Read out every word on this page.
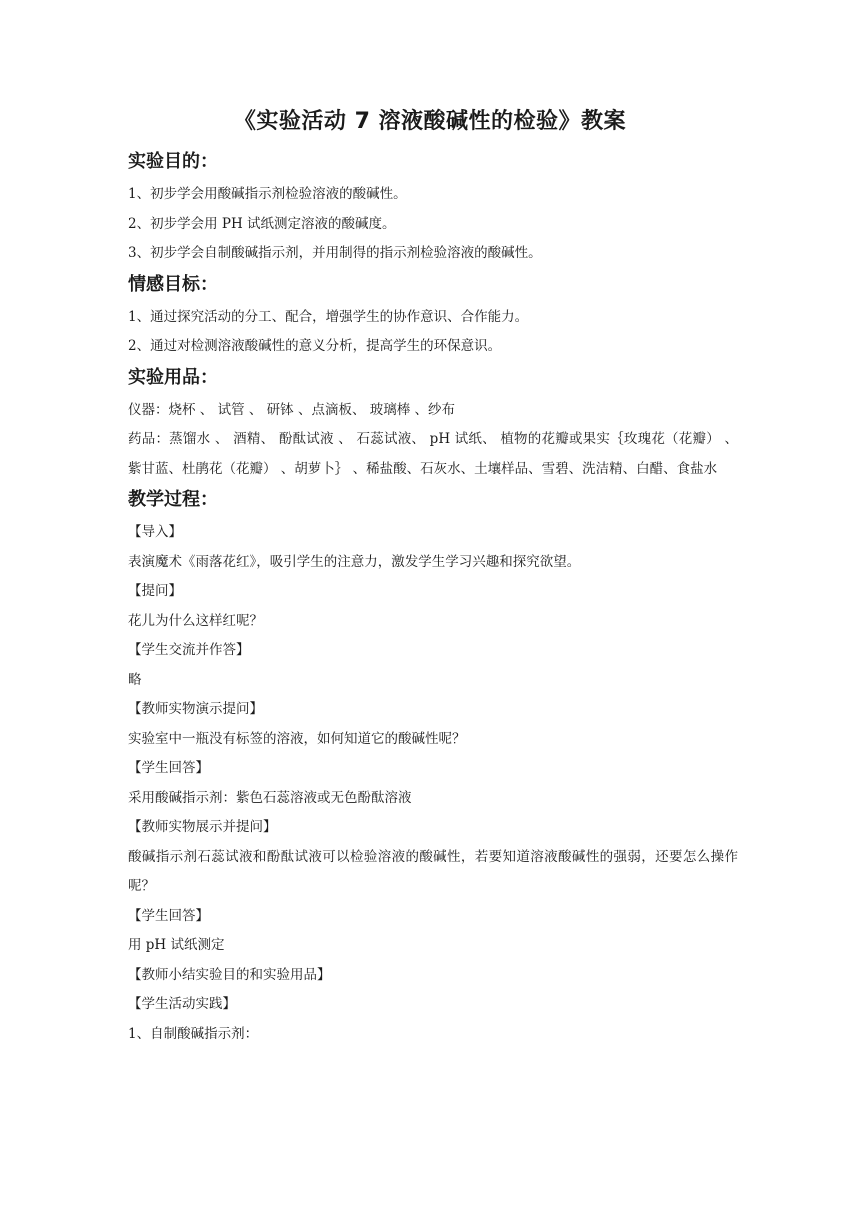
《实验活动 7 溶液酸碱性的检验》教案
实验目的：
1、初步学会用酸碱指示剂检验溶液的酸碱性。
2、初步学会用 PH 试纸测定溶液的酸碱度。
3、初步学会自制酸碱指示剂，并用制得的指示剂检验溶液的酸碱性。
情感目标：
1、通过探究活动的分工、配合，增强学生的协作意识、合作能力。
2、通过对检测溶液酸碱性的意义分析，提高学生的环保意识。
实验用品：
仪器：烧杯 、 试管 、 研钵 、点滴板、 玻璃棒 、纱布
药品：蒸馏水 、 酒精、 酚酞试液 、 石蕊试液、 pH 试纸、 植物的花瓣或果实｛玫瑰花（花瓣） 、紫甘蓝、杜鹃花（花瓣） 、胡萝卜｝ 、稀盐酸、石灰水、土壤样品、雪碧、洗洁精、白醋、食盐水
教学过程：
【导入】
表演魔术《雨落花红》，吸引学生的注意力，激发学生学习兴趣和探究欲望。
【提问】
花儿为什么这样红呢？
【学生交流并作答】
略
【教师实物演示提问】
实验室中一瓶没有标签的溶液，如何知道它的酸碱性呢？
【学生回答】
采用酸碱指示剂：紫色石蕊溶液或无色酚酞溶液
【教师实物展示并提问】
酸碱指示剂石蕊试液和酚酞试液可以检验溶液的酸碱性，若要知道溶液酸碱性的强弱，还要怎么操作呢？
【学生回答】
用 pH 试纸测定
【教师小结实验目的和实验用品】
【学生活动实践】
1、自制酸碱指示剂：
